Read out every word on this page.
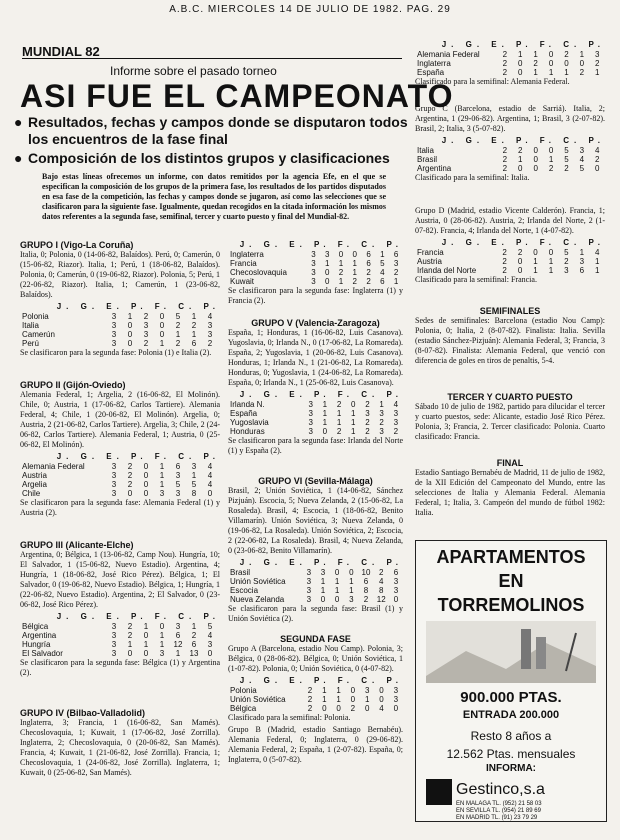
A.B.C. MIERCOLES 14 DE JULIO DE 1982. PAG. 29
MUNDIAL 82
Informe sobre el pasado torneo
ASI FUE EL CAMPEONATO
● Resultados, fechas y campos donde se disputaron todos los encuentros de la fase final
● Composición de los distintos grupos y clasificaciones
Bajo estas líneas ofrecemos un informe, con datos remitidos por la agencia Efe, en el que se especifican la composición de los grupos de la primera fase, los resultados de los partidos disputados en esa fase de la competición, las fechas y campos donde se jugaron, así como las selecciones que se clasificaron para la siguiente fase. Igualmente, quedan recogidos en la citada información los mismos datos referentes a la segunda fase, semifinal, tercer y cuarto puesto y final del Mundial-82.
GRUPO I (Vigo-La Coruña)
Italia, 0; Polonia, 0 (14-06-82, Balaídos). Perú, 0; Camerún, 0 (15-06-82, Riazor). Italia, 1; Perú, 1 (18-06-82, Balaídos). Polonia, 0; Camerún, 0 (19-06-82, Riazor). Polonia, 5; Perú, 1 (22-06-82, Riazor). Italia, 1; Camerún, 1 (23-06-82, Balaídos).
J. G. E. P. F. C. P.
Polonia	3	1	2	0	5	1	4
Italia	3	0	3	0	2	2	3
Camerún	3	0	3	0	1	1	3
Perú	3	0	2	1	2	6	2
Se clasificaron para la segunda fase: Polonia (1) e Italia (2).
GRUPO II (Gijón-Oviedo)
Alemania Federal, 1; Argelia, 2 (16-06-82, El Molinón). Chile, 0; Austria, 1 (17-06-82, Carlos Tartiere). Alemania Federal, 4; Chile, 1 (20-06-82, El Molinón). Argelia, 0; Austria, 2 (21-06-82, Carlos Tartiere). Argelia, 3; Chile, 2 (24-06-82, Carlos Tartiere). Alemania Federal, 1; Austria, 0 (25-06-82, El Molinón).
J. G. E. P. F. C. P.
Alemania Federal	3	2	0	1	6	3	4
Austria	3	2	0	1	3	1	4
Argelia	3	2	0	1	5	5	4
Chile	3	0	0	3	3	8	0
Se clasificaron para la segunda fase: Alemania Federal (1) y Austria (2).
GRUPO III (Alicante-Elche)
Argentina, 0; Bélgica, 1 (13-06-82, Camp Nou). Hungría, 10; El Salvador, 1 (15-06-82, Nuevo Estadio). Argentina, 4; Hungría, 1 (18-06-82, José Rico Pérez). Bélgica, 1; El Salvador, 0 (19-06-82, Nuevo Estadio). Bélgica, 1; Hungría, 1 (22-06-82, Nuevo Estadio). Argentina, 2; El Salvador, 0 (23-06-82, José Rico Pérez).
J. G. E. P. F. C. P.
Bélgica	3	2	1	0	3	1	5
Argentina	3	2	0	1	6	2	4
Hungría	3	1	1	1	12	6	3
El Salvador	3	0	0	3	1	13	0
Se clasificaron para la segunda fase: Bélgica (1) y Argentina (2).
GRUPO IV (Bilbao-Valladolid)
Inglaterra, 3; Francia, 1 (16-06-82, San Mamés). Checoslovaquia, 1; Kuwait, 1 (17-06-82, José Zorrilla). Inglaterra, 2; Checoslovaquia, 0 (20-06-82, San Mamés). Francia, 4; Kuwait, 1 (21-06-82, José Zorrilla). Francia, 1; Checoslovaquia, 1 (24-06-82, José Zorrilla). Inglaterra, 1; Kuwait, 0 (25-06-82, San Mamés).
J. G. E. P. F. C. P.
Inglaterra	3	3	0	0	6	1	6
Francia	3	1	1	1	6	5	3
Checoslovaquia	3	0	2	1	2	4	2
Kuwait	3	0	1	2	2	6	1
Se clasificaron para la segunda fase: Inglaterra (1) y Francia (2).
GRUPO V (Valencia-Zaragoza)
España, 1; Honduras, 1 (16-06-82, Luis Casanova). Yugoslavia, 0; Irlanda N., 0 (17-06-82, La Romareda). España, 2; Yugoslavia, 1 (20-06-82, Luis Casanova). Honduras, 1; Irlanda N., 1 (21-06-82, La Romareda). Honduras, 0; Yugoslavia, 1 (24-06-82, La Romareda). España, 0; Irlanda N., 1 (25-06-82, Luis Casanova).
J. G. E. P. F. C. P.
Irlanda N.	3	1	2	0	2	1	4
España	3	1	1	1	3	3	3
Yugoslavia	3	1	1	1	2	2	3
Honduras	3	0	2	1	2	3	2
Se clasificaron para la segunda fase: Irlanda del Norte (1) y España (2).
GRUPO VI (Sevilla-Málaga)
Brasil, 2; Unión Soviética, 1 (14-06-82, Sánchez Pizjuán). Escocia, 5; Nueva Zelanda, 2 (15-06-82, La Rosaleda). Brasil, 4; Escocia, 1 (18-06-82, Benito Villamarín). Unión Soviética, 3; Nueva Zelanda, 0 (19-06-82, La Rosaleda). Unión Soviética, 2; Escocia, 2 (22-06-82, La Rosaleda). Brasil, 4; Nueva Zelanda, 0 (23-06-82, Benito Villamarín).
J. G. E. P. F. C. P.
Brasil	3	3	0	0	10	2	6
Unión Soviética	3	1	1	1	6	4	3
Escocia	3	1	1	1	8	8	3
Nueva Zelanda	3	0	0	3	2	12	0
Se clasificaron para la segunda fase: Brasil (1) y Unión Soviética (2).
SEGUNDA FASE
Grupo A (Barcelona, estadio Nou Camp). Polonia, 3; Bélgica, 0 (28-06-82). Bélgica, 0; Unión Soviética, 1 (1-07-82). Polonia, 0; Unión Soviética, 0 (4-07-82).
J. G. E. P. F. C. P.
Polonia	2	1	1	0	3	0	3
Unión Soviética	2	1	1	0	1	0	3
Bélgica	2	0	0	2	0	4	0
Clasificado para la semifinal: Polonia.
Grupo B (Madrid, estadio Santiago Bernabéu). Alemania Federal, 0; Inglaterra, 0 (29-06-82). Alemania Federal, 2; España, 1 (2-07-82). España, 0; Inglaterra, 0 (5-07-82).
J. G. E. P. F. C. P.
Alemania Federal	2	1	1	0	2	1	3
Inglaterra	2	0	2	0	0	0	2
España	2	0	1	1	1	2	1
Clasificado para la semifinal: Alemania Federal.
Grupo C (Barcelona, estadio de Sarriá). Italia, 2; Argentina, 1 (29-06-82). Argentina, 1; Brasil, 3 (2-07-82). Brasil, 2; Italia, 3 (5-07-82).
J. G. E. P. F. C. P.
Italia	2	2	0	0	5	3	4
Brasil	2	1	0	1	5	4	2
Argentina	2	0	0	2	2	5	0
Clasificado para la semifinal: Italia.
Grupo D (Madrid, estadio Vicente Calderón). Francia, 1; Austria, 0 (28-06-82). Austria, 2; Irlanda del Norte, 2 (1-07-82). Francia, 4; Irlanda del Norte, 1 (4-07-82).
J. G. E. P. F. C. P.
Francia	2	2	0	0	5	1	4
Austria	2	0	1	1	2	3	1
Irlanda del Norte	2	0	1	1	3	6	1
Clasificado para la semifinal: Francia.
SEMIFINALES
Sedes de semifinales: Barcelona (estadio Nou Camp): Polonia, 0; Italia, 2 (8-07-82). Finalista: Italia. Sevilla (estadio Sánchez-Pizjuán): Alemania Federal, 3; Francia, 3 (8-07-82). Finalista: Alemania Federal, que venció con diferencia de goles en tiros de penaltis, 5-4.
TERCER Y CUARTO PUESTO
Sábado 10 de julio de 1982, partido para dilucidar el tercer y cuarto puestos, sede: Alicante, estadio José Rico Pérez. Polonia, 3; Francia, 2. Tercer clasificado: Polonia. Cuarto clasificado: Francia.
FINAL
Estadio Santiago Bernabéu de Madrid, 11 de julio de 1982, de la XII Edición del Campeonato del Mundo, entre las selecciones de Italia y Alemania Federal. Alemania Federal, 1; Italia, 3. Campeón del mundo de fútbol 1982: Italia.
APARTAMENTOS
EN
TORREMOLINOS
900.000 PTAS.
ENTRADA 200.000
Resto 8 años a
12.562 Ptas. mensuales
INFORMA:
Gestinco,s.a
EN MALAGA TL. (952) 21 58 03
EN SEVILLA TL. (954) 21 89 69
EN MADRID TL. (91) 23 79 29
